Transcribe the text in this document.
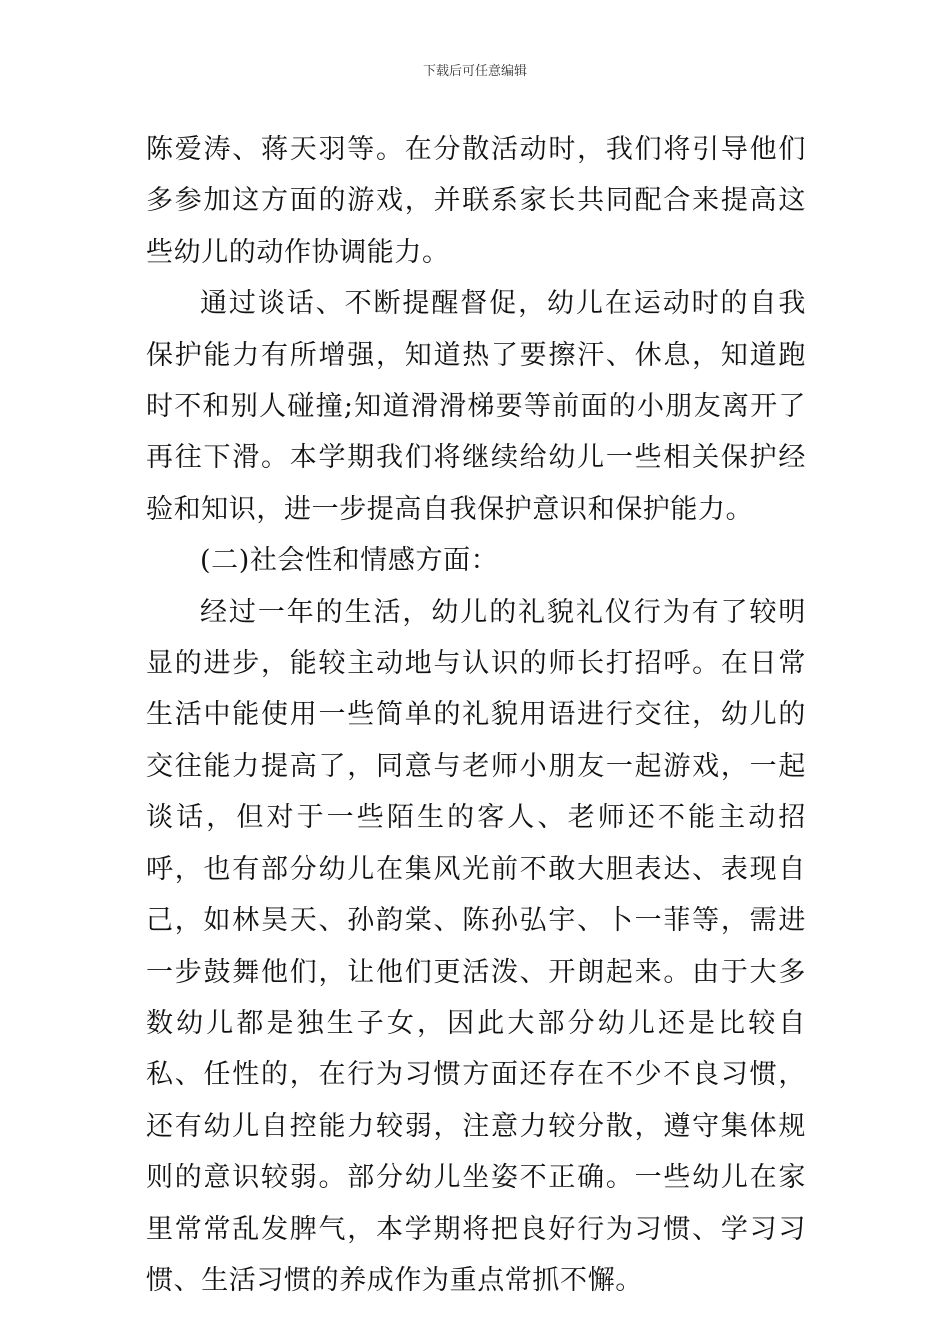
下载后可任意编辑

陈爱涛、蒋天羽等。在分散活动时，我们将引导他们多参加这方面的游戏，并联系家长共同配合来提高这些幼儿的动作协调能力。

通过谈话、不断提醒督促，幼儿在运动时的自我保护能力有所增强，知道热了要擦汗、休息，知道跑时不和别人碰撞;知道滑滑梯要等前面的小朋友离开了再往下滑。本学期我们将继续给幼儿一些相关保护经验和知识，进一步提高自我保护意识和保护能力。

(二)社会性和情感方面：

经过一年的生活，幼儿的礼貌礼仪行为有了较明显的进步，能较主动地与认识的师长打招呼。在日常生活中能使用一些简单的礼貌用语进行交往，幼儿的交往能力提高了，同意与老师小朋友一起游戏，一起谈话，但对于一些陌生的客人、老师还不能主动招呼，也有部分幼儿在集风光前不敢大胆表达、表现自己，如林昊天、孙韵棠、陈孙弘宇、卜一菲等，需进一步鼓舞他们，让他们更活泼、开朗起来。由于大多数幼儿都是独生子女，因此大部分幼儿还是比较自私、任性的，在行为习惯方面还存在不少不良习惯，还有幼儿自控能力较弱，注意力较分散，遵守集体规则的意识较弱。部分幼儿坐姿不正确。一些幼儿在家里常常乱发脾气，本学期将把良好行为习惯、学习习惯、生活习惯的养成作为重点常抓不懈。
